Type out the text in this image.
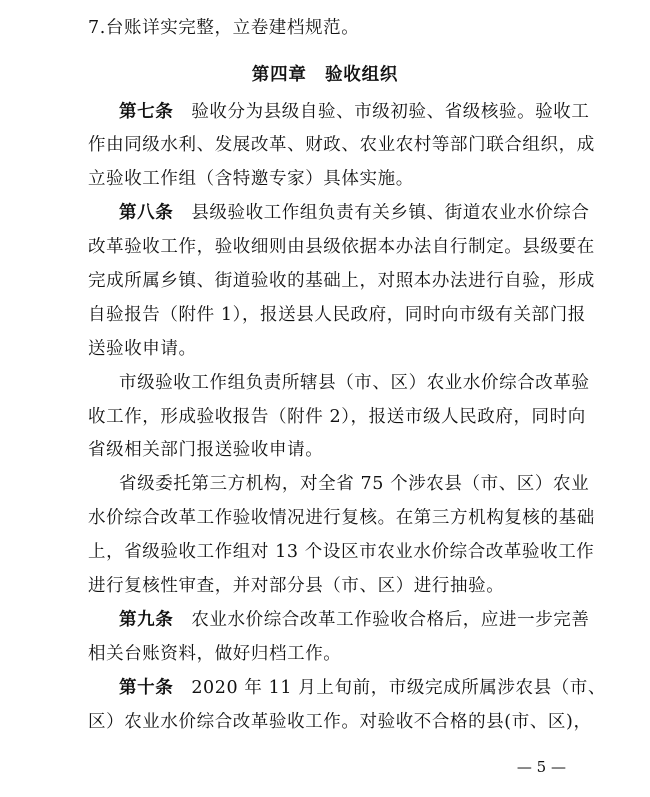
7.台账详实完整，立卷建档规范。
第四章　验收组织
第七条 验收分为县级自验、市级初验、省级核验。验收工
作由同级水利、发展改革、财政、农业农村等部门联合组织，成
立验收工作组（含特邀专家）具体实施。
第八条 县级验收工作组负责有关乡镇、街道农业水价综合
改革验收工作，验收细则由县级依据本办法自行制定。县级要在
完成所属乡镇、街道验收的基础上，对照本办法进行自验，形成
自验报告（附件 1），报送县人民政府，同时向市级有关部门报
送验收申请。
市级验收工作组负责所辖县（市、区）农业水价综合改革验
收工作，形成验收报告（附件 2），报送市级人民政府，同时向
省级相关部门报送验收申请。
省级委托第三方机构，对全省 75 个涉农县（市、区）农业
水价综合改革工作验收情况进行复核。在第三方机构复核的基础
上，省级验收工作组对 13 个设区市农业水价综合改革验收工作
进行复核性审查，并对部分县（市、区）进行抽验。
第九条 农业水价综合改革工作验收合格后，应进一步完善
相关台账资料，做好归档工作。
第十条 2020 年 11 月上旬前，市级完成所属涉农县（市、
区）农业水价综合改革验收工作。对验收不合格的县(市、区)，
— 5 —
